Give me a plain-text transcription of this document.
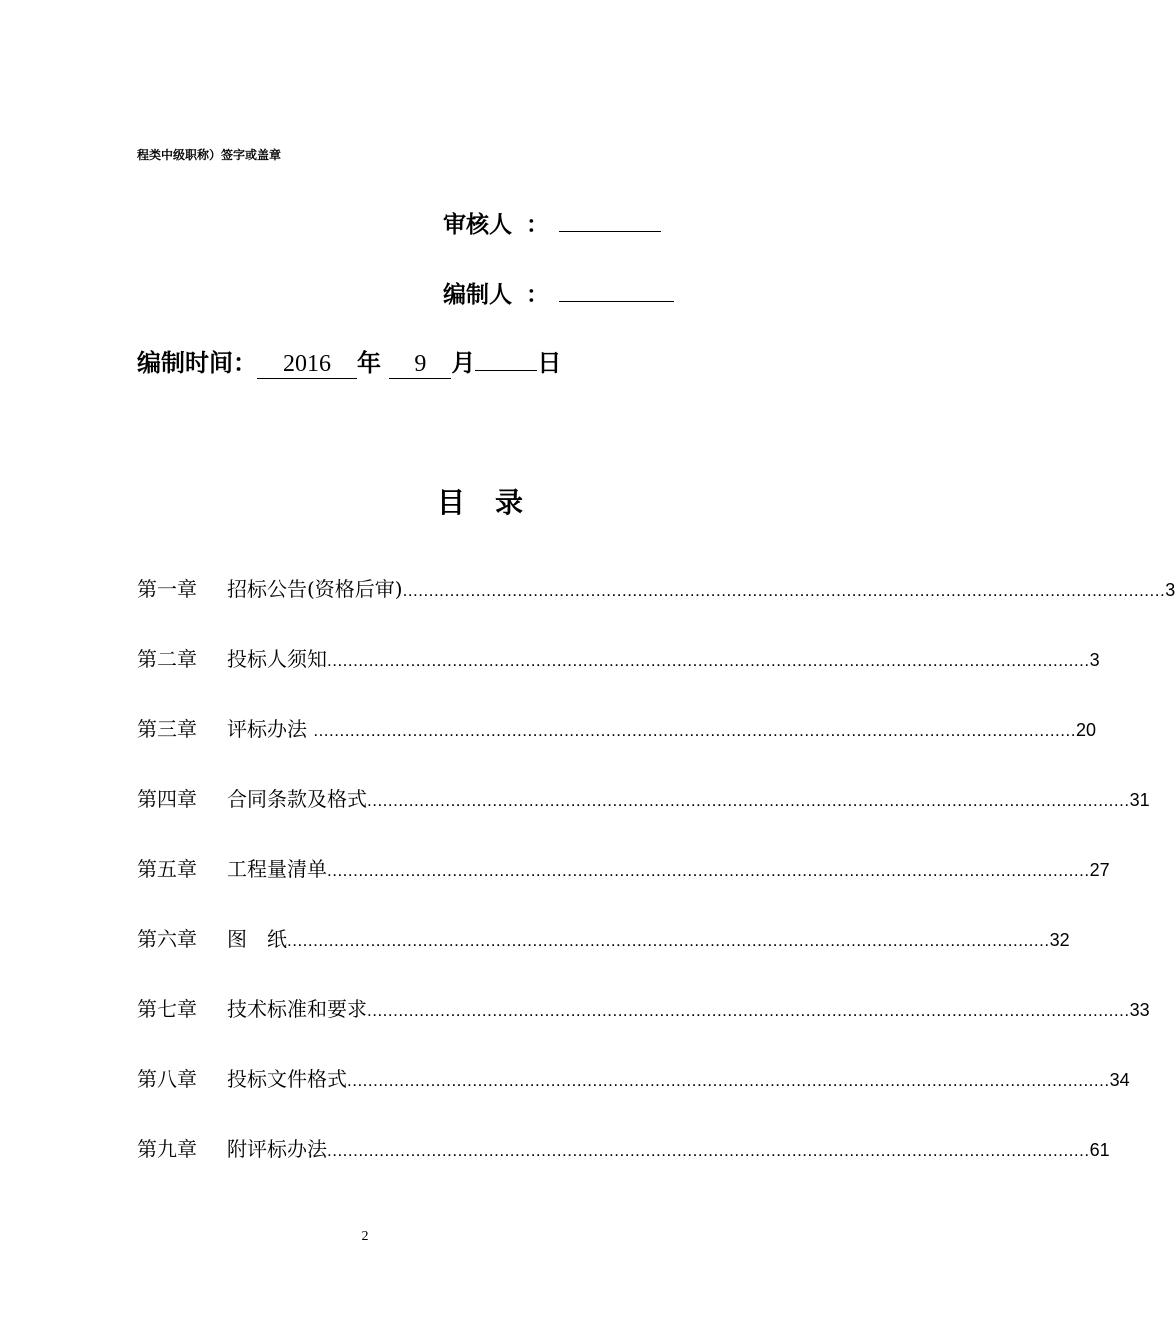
程类中级职称）签字或盖章
审核人 ：
编制人 ：
编制时间： 2016 年 9 月	日
目录
第一章	招标公告(资格后审) .................................................................................................................................................. 3
第二章	投标人须知 .................................................................................................................................................. 3
第三章	评标办法 .................................................................................................................................................. 20
第四章	合同条款及格式 .................................................................................................................................................. 31
第五章	工程量清单 .................................................................................................................................................. 27
第六章	图　纸 .................................................................................................................................................. 32
第七章	技术标准和要求 .................................................................................................................................................. 33
第八章	投标文件格式 .................................................................................................................................................. 34
第九章	附评标办法 .................................................................................................................................................. 61
2
